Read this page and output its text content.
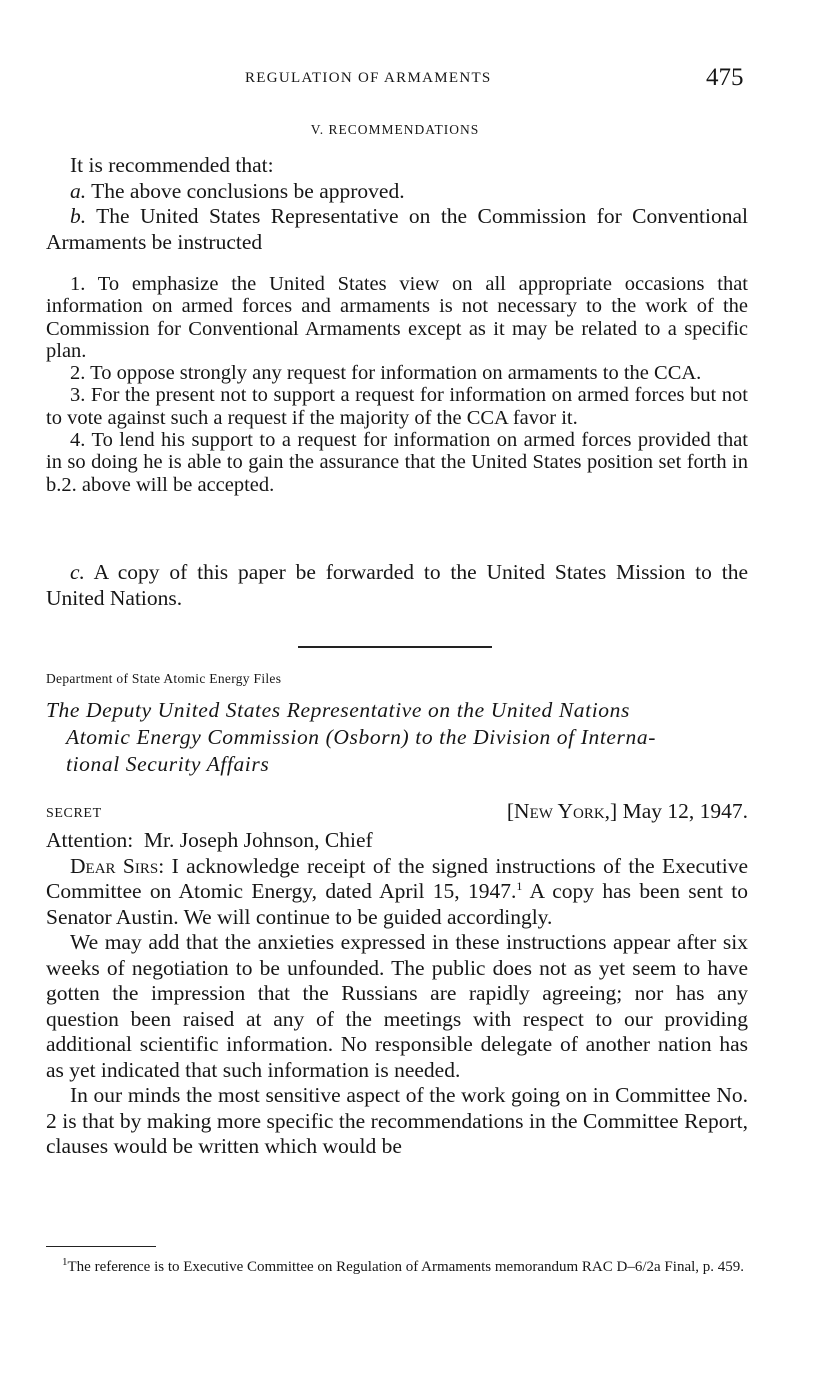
REGULATION OF ARMAMENTS	475
V. RECOMMENDATIONS

It is recommended that:

a. The above conclusions be approved.

b. The United States Representative on the Commission for Conventional Armaments be instructed

1. To emphasize the United States view on all appropriate occasions that information on armed forces and armaments is not necessary to the work of the Commission for Conventional Armaments except as it may be related to a specific plan.

2. To oppose strongly any request for information on armaments to the CCA.

3. For the present not to support a request for information on armed forces but not to vote against such a request if the majority of the CCA favor it.

4. To lend his support to a request for information on armed forces provided that in so doing he is able to gain the assurance that the United States position set forth in b.2. above will be accepted.

c. A copy of this paper be forwarded to the United States Mission to the United Nations.

Department of State Atomic Energy Files
The Deputy United States Representative on the United Nations
Atomic Energy Commission (Osborn) to the Division of Interna-
tional Security Affairs
SECRET	[New York,] May 12, 1947.

Attention:  Mr. Joseph Johnson, Chief

Dear Sirs: I acknowledge receipt of the signed instructions of the Executive Committee on Atomic Energy, dated April 15, 1947.$^1$ A copy has been sent to Senator Austin. We will continue to be guided accordingly.

We may add that the anxieties expressed in these instructions appear after six weeks of negotiation to be unfounded. The public does not as yet seem to have gotten the impression that the Russians are rapidly agreeing; nor has any question been raised at any of the meetings with respect to our providing additional scientific information. No responsible delegate of another nation has as yet indicated that such information is needed.

In our minds the most sensitive aspect of the work going on in Committee No. 2 is that by making more specific the recommendations in the Committee Report, clauses would be written which would be

$^1$The reference is to Executive Committee on Regulation of Armaments memorandum RAC D–6/2a Final, p. 459.
